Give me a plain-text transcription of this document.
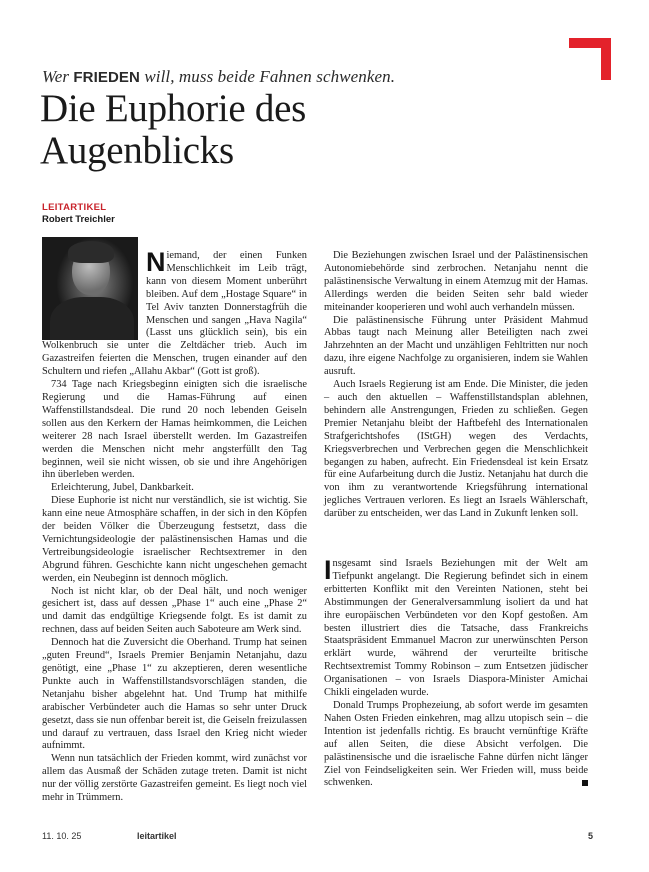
Wer FRIEDEN will, muss beide Fahnen schwenken.
Die Euphorie des
Augenblicks
LEITARTIKEL
Robert Treichler

Niemand, der einen Funken Menschlichkeit im Leib trägt, kann von diesem Moment unberührt bleiben. Auf dem „Hostage Square“ in Tel Aviv tanzten Donnerstagfrüh die Menschen und sangen „Hava Nagila“ (Lasst uns glücklich sein), bis ein Wolkenbruch sie unter die Zeltdächer trieb. Auch im Gazastreifen feierten die Menschen, trugen einander auf den Schultern und riefen „Allahu Akbar“ (Gott ist groß).

734 Tage nach Kriegsbeginn einigten sich die israelische Regierung und die Hamas-Führung auf einen Waffenstillstandsdeal. Die rund 20 noch lebenden Geiseln sollen aus den Kerkern der Hamas heimkommen, die Leichen weiterer 28 nach Israel überstellt werden. Im Gazastreifen werden die Menschen nicht mehr angsterfüllt den Tag beginnen, weil sie nicht wissen, ob sie und ihre Angehörigen ihn überleben werden.

Erleichterung, Jubel, Dankbarkeit.

Diese Euphorie ist nicht nur verständlich, sie ist wichtig. Sie kann eine neue Atmosphäre schaffen, in der sich in den Köpfen der beiden Völker die Überzeugung festsetzt, dass die Vernichtungsideologie der palästinensischen Hamas und die Vertreibungsideologie israelischer Rechtsextremer in den Abgrund führen. Geschichte kann nicht ungeschehen gemacht werden, ein Neubeginn ist dennoch möglich.

Noch ist nicht klar, ob der Deal hält, und noch weniger gesichert ist, dass auf dessen „Phase 1“ auch eine „Phase 2“ und damit das endgültige Kriegsende folgt. Es ist damit zu rechnen, dass auf beiden Seiten auch Saboteure am Werk sind.

Dennoch hat die Zuversicht die Oberhand. Trump hat seinen „guten Freund“, Israels Premier Benjamin Netanjahu, dazu genötigt, eine „Phase 1“ zu akzeptieren, deren wesentliche Punkte auch in Waffenstillstandsvorschlägen standen, die Netanjahu bisher abgelehnt hat. Und Trump hat mithilfe arabischer Verbündeter auch die Hamas so sehr unter Druck gesetzt, dass sie nun offenbar bereit ist, die Geiseln freizulassen und darauf zu vertrauen, dass Israel den Krieg nicht wieder aufnimmt.

Wenn nun tatsächlich der Frieden kommt, wird zunächst vor allem das Ausmaß der Schäden zutage treten. Damit ist nicht nur der völlig zerstörte Gazastreifen gemeint. Es liegt noch viel mehr in Trümmern.

Die Beziehungen zwischen Israel und der Palästinensischen Autonomiebehörde sind zerbrochen. Netanjahu nennt die palästinensische Verwaltung in einem Atemzug mit der Hamas. Allerdings werden die beiden Seiten sehr bald wieder miteinander kooperieren und wohl auch verhandeln müssen.

Die palästinensische Führung unter Präsident Mahmud Abbas taugt nach Meinung aller Beteiligten nach zwei Jahrzehnten an der Macht und unzähligen Fehltritten nur noch dazu, ihre eigene Nachfolge zu organisieren, indem sie Wahlen ausruft.

Auch Israels Regierung ist am Ende. Die Minister, die jeden – auch den aktuellen – Waffenstillstandsplan ablehnen, behindern alle Anstrengungen, Frieden zu schließen. Gegen Premier Netanjahu bleibt der Haftbefehl des Internationalen Strafgerichtshofes (IStGH) wegen des Verdachts, Kriegsverbrechen und Verbrechen gegen die Menschlichkeit begangen zu haben, aufrecht. Ein Friedensdeal ist kein Ersatz für eine Aufarbeitung durch die Justiz. Netanjahu hat durch die von ihm zu verantwortende Kriegsführung international jegliches Vertrauen verloren. Es liegt an Israels Wählerschaft, darüber zu entscheiden, wer das Land in Zukunft lenken soll.

Insgesamt sind Israels Beziehungen mit der Welt am Tiefpunkt angelangt. Die Regierung befindet sich in einem erbitterten Konflikt mit den Vereinten Nationen, steht bei Abstimmungen der Generalversammlung isoliert da und hat ihre europäischen Verbündeten vor den Kopf gestoßen. Am besten illustriert dies die Tatsache, dass Frankreichs Staatspräsident Emmanuel Macron zur unerwünschten Person erklärt wurde, während der verurteilte britische Rechtsextremist Tommy Robinson – zum Entsetzen jüdischer Organisationen – von Israels Diaspora-Minister Amichai Chikli eingeladen wurde.

Donald Trumps Prophezeiung, ab sofort werde im gesamten Nahen Osten Frieden einkehren, mag allzu utopisch sein – die Intention ist jedenfalls richtig. Es braucht vernünftige Kräfte auf allen Seiten, die diese Absicht verfolgen. Die palästinensische und die israelische Fahne dürfen nicht länger Ziel von Feindseligkeiten sein. Wer Frieden will, muss beide schwenken.

11. 10. 25	leitartikel	5
